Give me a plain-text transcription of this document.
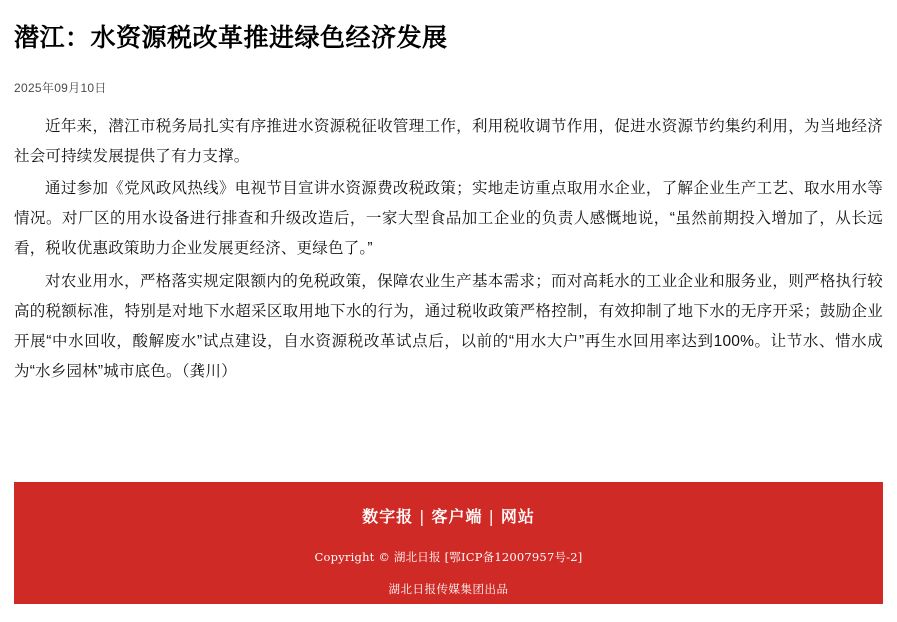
潜江：水资源税改革推进绿色经济发展
2025年09月10日

近年来，潜江市税务局扎实有序推进水资源税征收管理工作，利用税收调节作用，促进水资源节约集约利用，为当地经济社会可持续发展提供了有力支撑。

通过参加《党风政风热线》电视节目宣讲水资源费改税政策；实地走访重点取用水企业，了解企业生产工艺、取水用水等情况。对厂区的用水设备进行排查和升级改造后，一家大型食品加工企业的负责人感慨地说，“虽然前期投入增加了，从长远看，税收优惠政策助力企业发展更经济、更绿色了。”

对农业用水，严格落实规定限额内的免税政策，保障农业生产基本需求；而对高耗水的工业企业和服务业，则严格执行较高的税额标准，特别是对地下水超采区取用地下水的行为，通过税收政策严格控制，有效抑制了地下水的无序开采；鼓励企业开展“中水回收，酸解废水”试点建设，自水资源税改革试点后，以前的“用水大户”再生水回用率达到100%。让节水、惜水成为“水乡园林”城市底色。（龚川）

数字报 | 客户端 | 网站
Copyright © 湖北日报 [鄂ICP备12007957号-2]
湖北日报传媒集团出品
